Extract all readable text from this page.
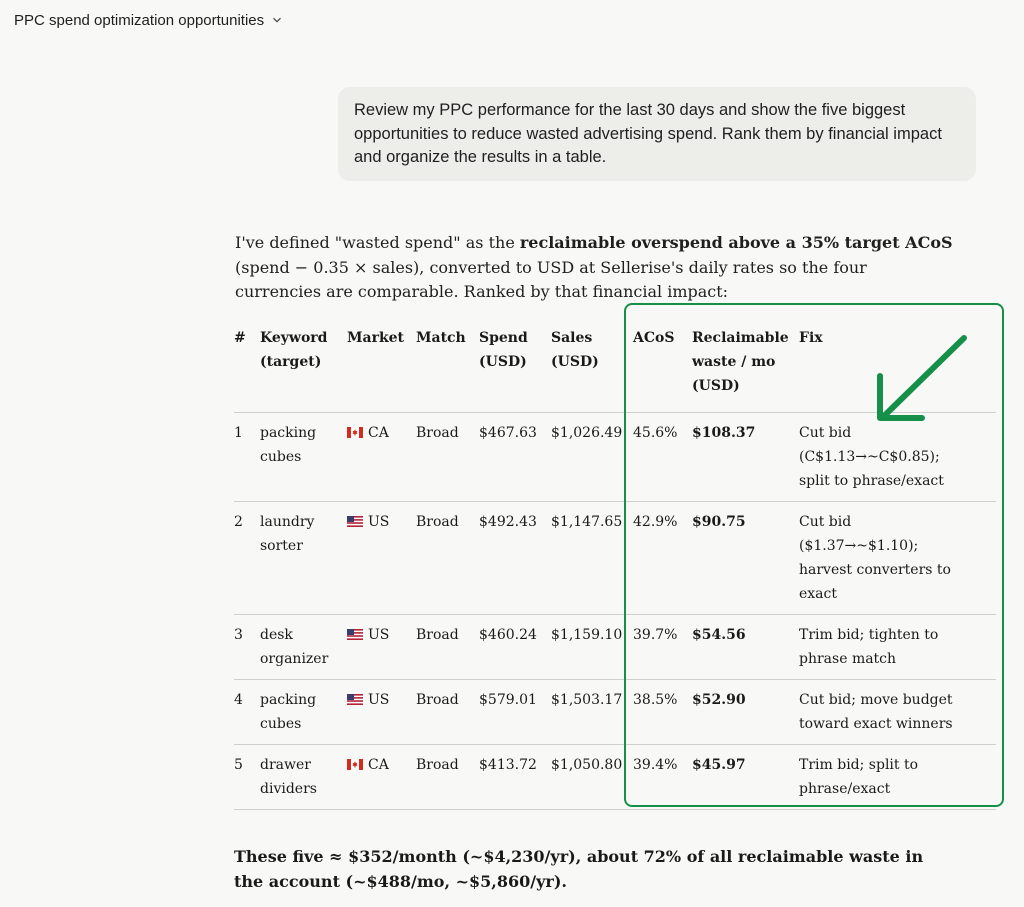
PPC spend optimization opportunities
Review my PPC performance for the last 30 days and show the five biggest opportunities to reduce wasted advertising spend. Rank them by financial impact and organize the results in a table.

I've defined "wasted spend" as the reclaimable overspend above a 35% target ACoS (spend − 0.35 × sales), converted to USD at Sellerise's daily rates so the four currencies are comparable. Ranked by that financial impact:

#	Keyword (target)	Market	Match	Spend (USD)	Sales (USD)	ACoS	Reclaimable waste / mo (USD)	Fix
1	packing cubes	CA	Broad	$467.63	$1,026.49	45.6%	$108.37	Cut bid (C$1.13→~C$0.85); split to phrase/exact

2	laundry sorter	US	Broad	$492.43	$1,147.65	42.9%	$90.75	Cut bid ($1.37→~$1.10); harvest converters to exact

3	desk organizer	US	Broad	$460.24	$1,159.10	39.7%	$54.56	Trim bid; tighten to phrase match

4	packing cubes	US	Broad	$579.01	$1,503.17	38.5%	$52.90	Cut bid; move budget toward exact winners

5	drawer dividers	CA	Broad	$413.72	$1,050.80	39.4%	$45.97	Trim bid; split to phrase/exact

These five ≈ $352/month (~$4,230/yr), about 72% of all reclaimable waste in the account (~$488/mo, ~$5,860/yr).
